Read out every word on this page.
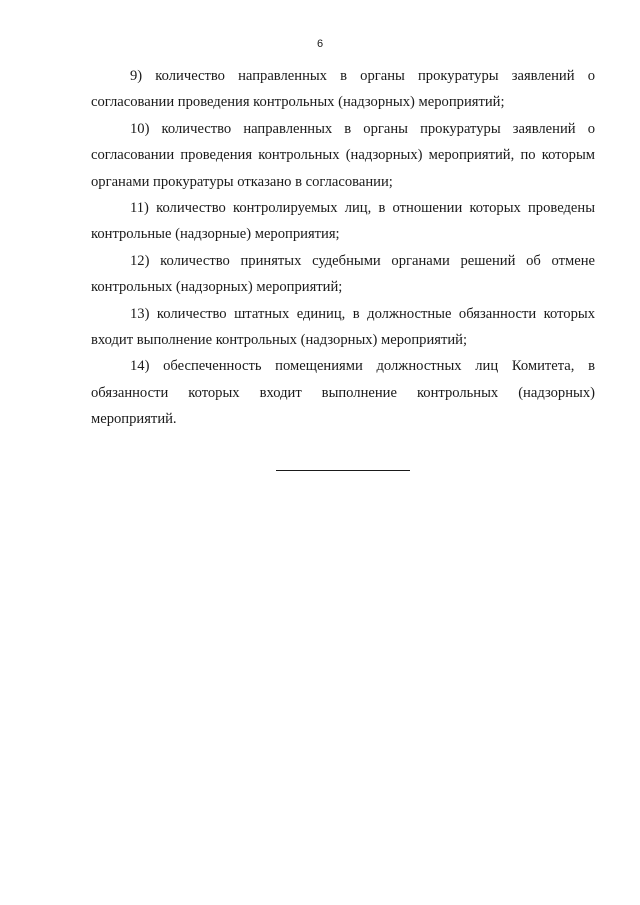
6

9) количество направленных в органы прокуратуры заявлений о согласовании проведения контрольных (надзорных) мероприятий;

10) количество направленных в органы прокуратуры заявлений о согласовании проведения контрольных (надзорных) мероприятий, по которым органами прокуратуры отказано в согласовании;

11) количество контролируемых лиц, в отношении которых проведены контрольные (надзорные) мероприятия;

12) количество принятых судебными органами решений об отмене контрольных (надзорных) мероприятий;

13) количество штатных единиц, в должностные обязанности которых входит выполнение контрольных (надзорных) мероприятий;

14) обеспеченность помещениями должностных лиц Комитета, в обязанности которых входит выполнение контрольных (надзорных) мероприятий.
